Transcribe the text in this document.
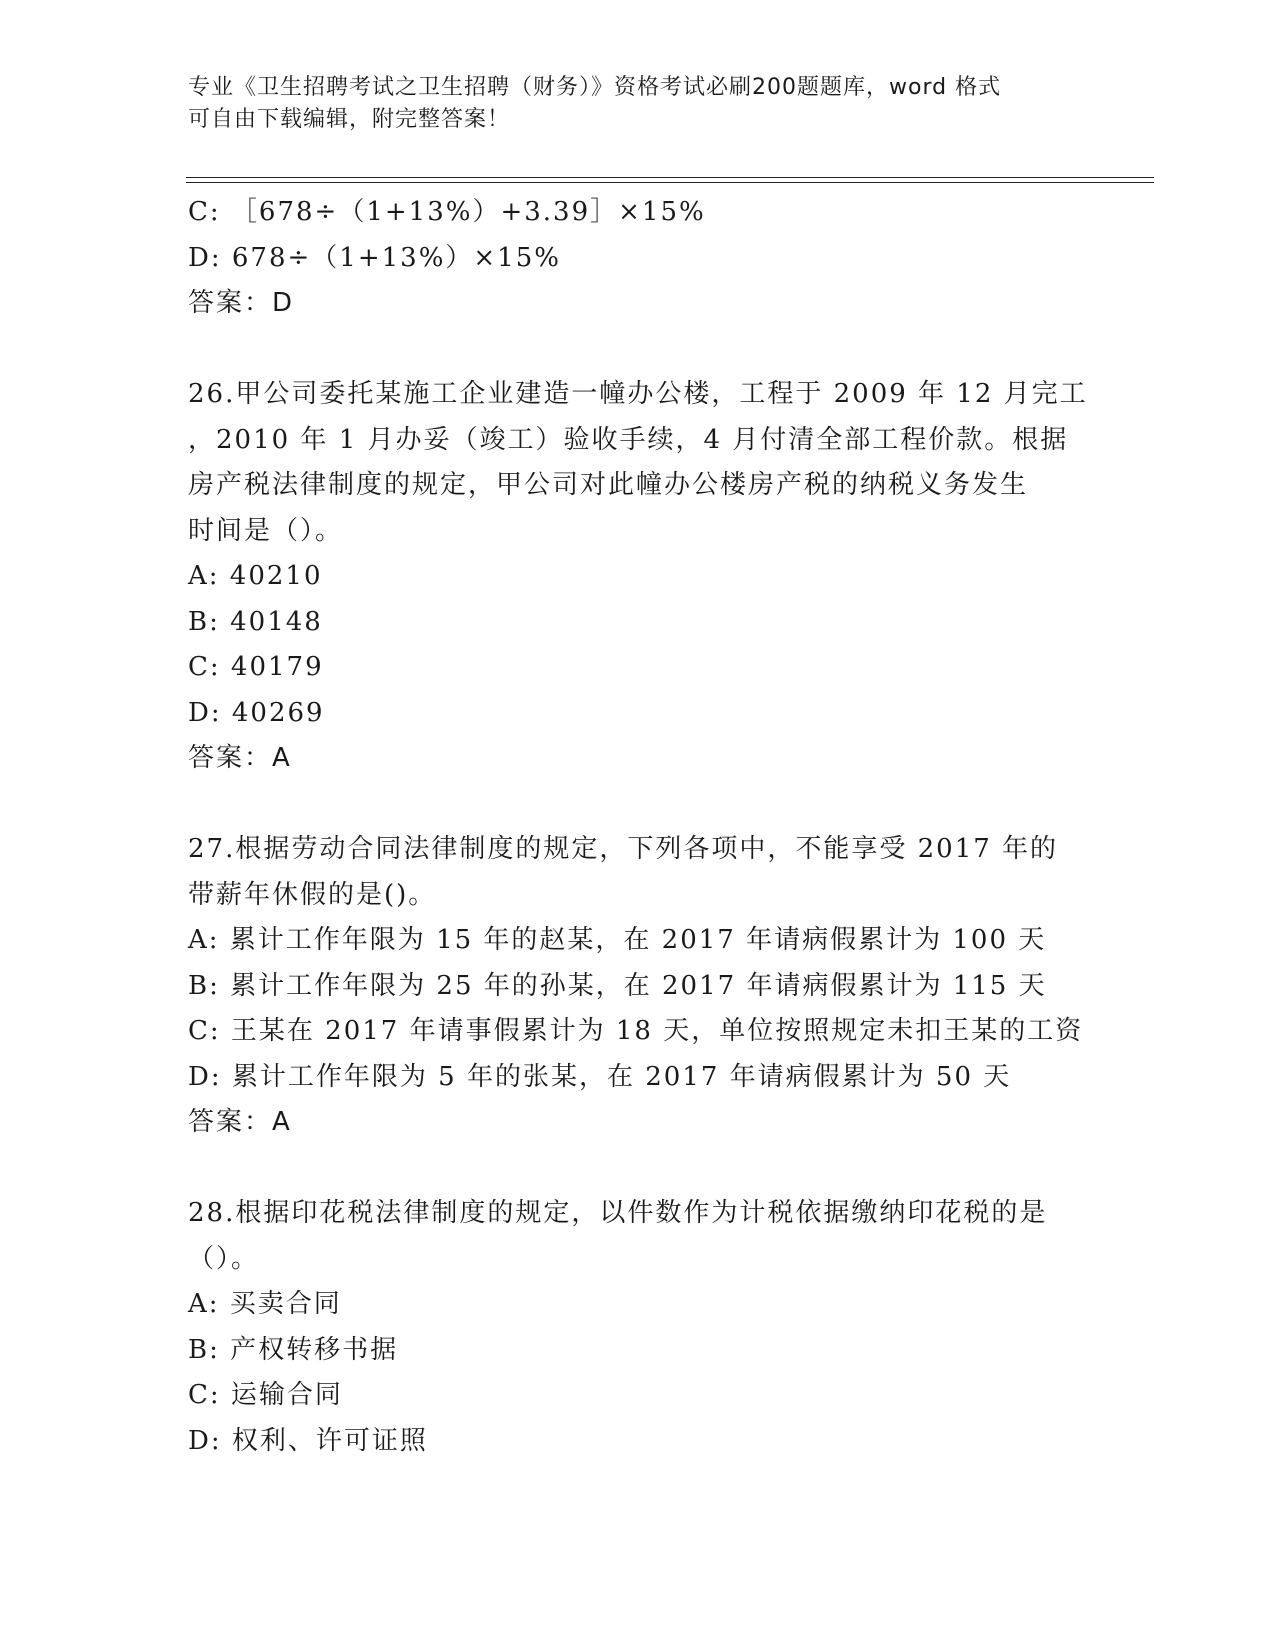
专业《卫生招聘考试之卫生招聘（财务）》资格考试必刷200题题库，word 格式
可自由下载编辑，附完整答案！
C: ［678÷（1+13%）+3.39］×15%
D: 678÷（1+13%）×15%
答案：D
26.甲公司委托某施工企业建造一幢办公楼，工程于 2009 年 12 月完工
，2010 年 1 月办妥（竣工）验收手续，4 月付清全部工程价款。根据
房产税法律制度的规定，甲公司对此幢办公楼房产税的纳税义务发生
时间是（）。
A: 40210
B: 40148
C: 40179
D: 40269
答案：A
27.根据劳动合同法律制度的规定，下列各项中，不能享受 2017 年的
带薪年休假的是()。
A: 累计工作年限为 15 年的赵某，在 2017 年请病假累计为 100 天
B: 累计工作年限为 25 年的孙某，在 2017 年请病假累计为 115 天
C: 王某在 2017 年请事假累计为 18 天，单位按照规定未扣王某的工资
D: 累计工作年限为 5 年的张某，在 2017 年请病假累计为 50 天
答案：A
28.根据印花税法律制度的规定，以件数作为计税依据缴纳印花税的是
（）。
A: 买卖合同
B: 产权转移书据
C: 运输合同
D: 权利、许可证照
